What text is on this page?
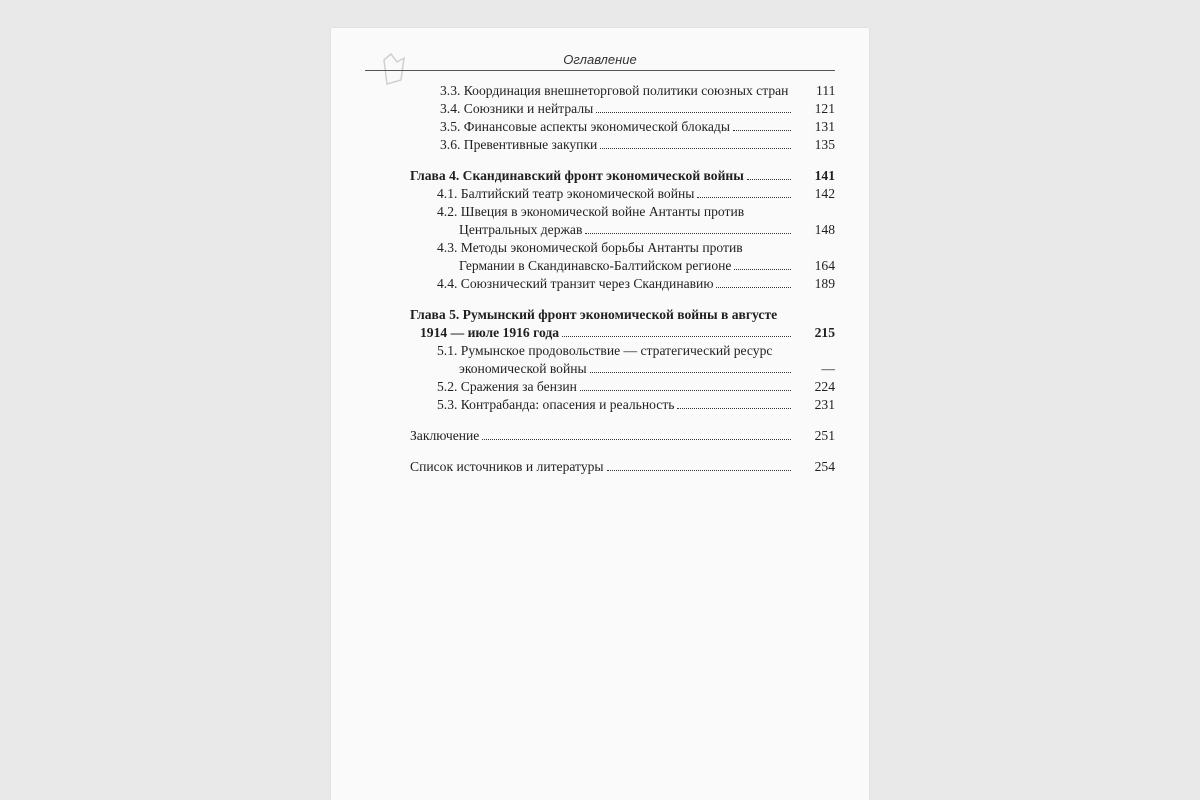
Оглавление
3.3. Координация внешнеторговой политики союзных стран	111
3.4. Союзники и нейтралы	121
3.5. Финансовые аспекты экономической блокады	131
3.6. Превентивные закупки	135
Глава 4. Скандинавский фронт экономической войны	141
4.1. Балтийский театр экономической войны	142
4.2. Швеция в экономической войне Антанты против
Центральных держав	148
4.3. Методы экономической борьбы Антанты против
Германии в Скандинавско-Балтийском регионе	164
4.4. Союзнический транзит через Скандинавию	189
Глава 5. Румынский фронт экономической войны в августе
1914 — июле 1916 года	215
5.1. Румынское продовольствие — стратегический ресурс
экономической войны	—
5.2. Сражения за бензин	224
5.3. Контрабанда: опасения и реальность	231
Заключение	251
Список источников и литературы	254
